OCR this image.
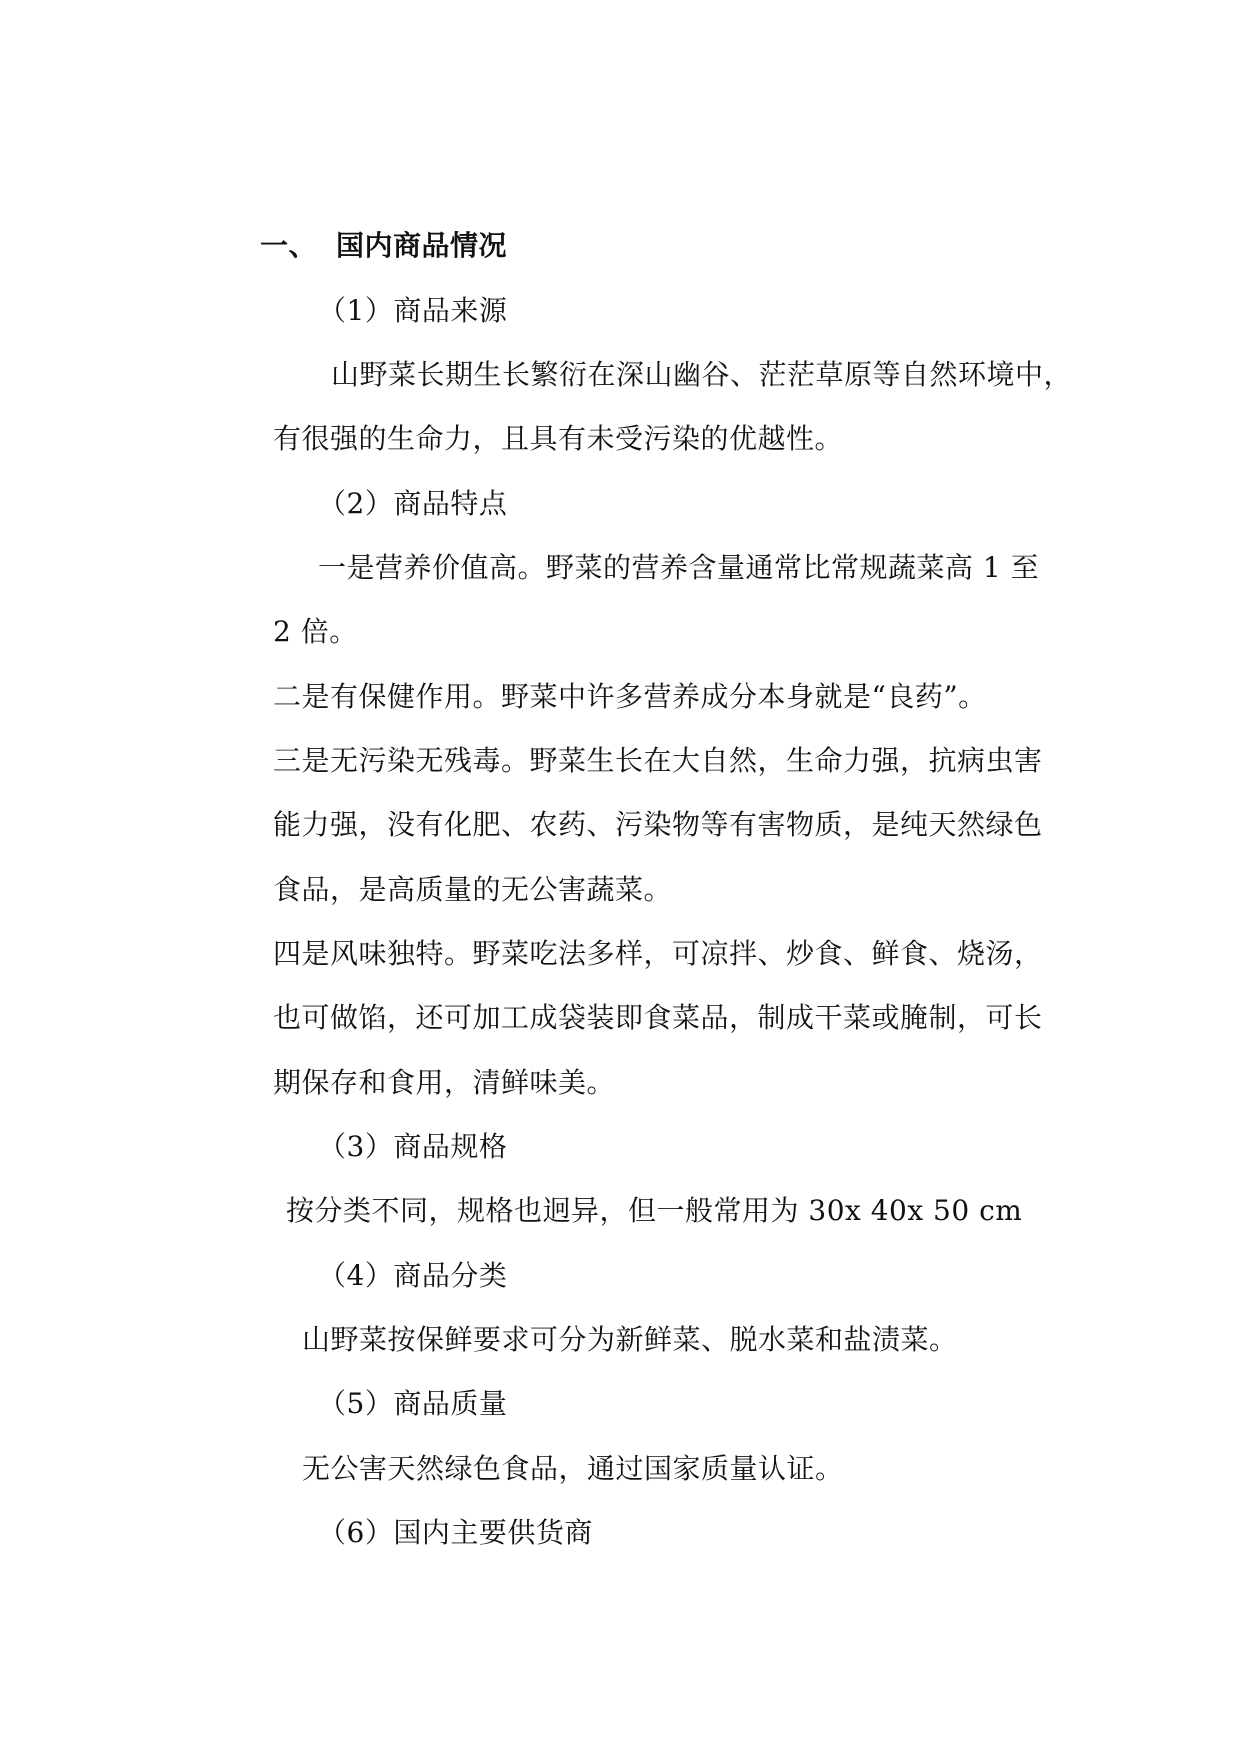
一、 国内商品情况
（1）商品来源
山野菜长期生长繁衍在深山幽谷、茫茫草原等自然环境中，
有很强的生命力，且具有未受污染的优越性。
（2）商品特点
一是营养价值高。野菜的营养含量通常比常规蔬菜高 1 至
2 倍。
二是有保健作用。野菜中许多营养成分本身就是“良药”。
三是无污染无残毒。野菜生长在大自然，生命力强，抗病虫害
能力强，没有化肥、农药、污染物等有害物质，是纯天然绿色
食品，是高质量的无公害蔬菜。
四是风味独特。野菜吃法多样，可凉拌、炒食、鲜食、烧汤，
也可做馅，还可加工成袋装即食菜品，制成干菜或腌制，可长
期保存和食用，清鲜味美。
（3）商品规格
按分类不同，规格也迥异，但一般常用为 30x 40x 50 cm
（4）商品分类
山野菜按保鲜要求可分为新鲜菜、脱水菜和盐渍菜。
（5）商品质量
无公害天然绿色食品，通过国家质量认证。
（6）国内主要供货商
